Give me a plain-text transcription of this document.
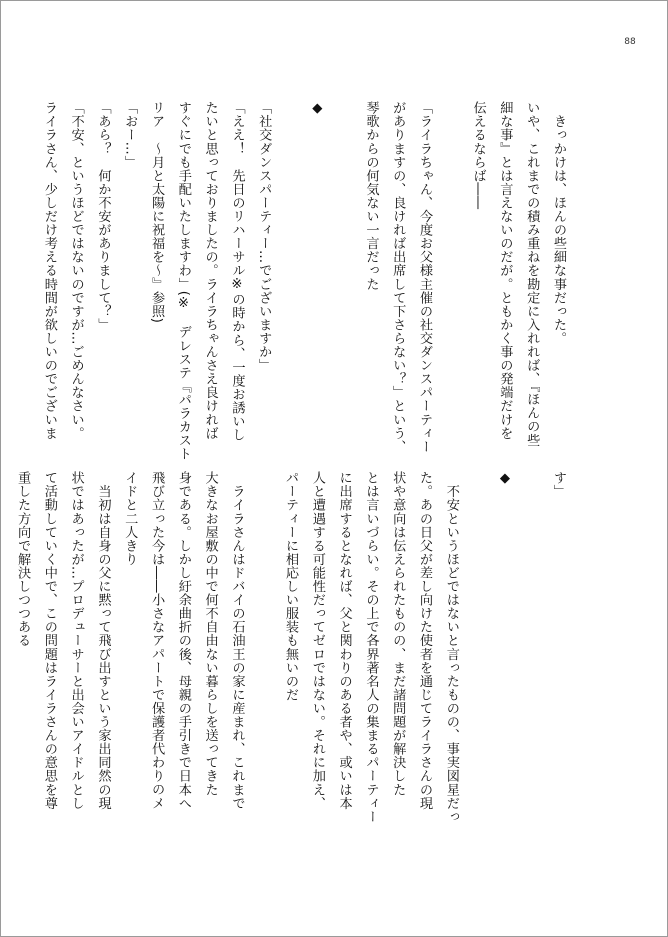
88
　きっかけは、ほんの些細な事だった。
いや、これまでの積み重ねを勘定に入れれば、『ほんの些
細な事』とは言えないのだが。ともかく事の発端だけを
伝えるならば――

「ライラちゃん、今度お父様主催の社交ダンスパーティー
がありますの、良ければ出席して下さらない？」という、
琴歌からの何気ない一言だった

◆

「社交ダンスパーティー…でございますか」
「ええ！　先日のリハーサル※の時から、一度お誘いし
たいと思っておりましたの。ライラちゃんさえ良ければ
すぐにでも手配いたしますわ」(※　デレステ『パラカスト
リア　～月と太陽に祝福を～』参照)
「おー…」
「あら？　何か不安がありまして？」
「不安、というほどではないのですが…ごめんなさい。
ライラさん、少しだけ考える時間が欲しいのでございま
す」

◆

　不安というほどではないと言ったものの、事実図星だっ
た。あの日父が差し向けた使者を通じてライラさんの現
状や意向は伝えられたものの、まだ諸問題が解決した
とは言いづらい。その上で各界著名人の集まるパーティー
に出席するとなれば、父と関わりのある者や、或いは本
人と遭遇する可能性だってゼロではない。それに加え、
パーティーに相応しい服装も無いのだ

　ライラさんはドバイの石油王の家に産まれ、これまで
大きなお屋敷の中で何不自由ない暮らしを送ってきた
身である。しかし紆余曲折の後、母親の手引きで日本へ
飛び立った今は――小さなアパートで保護者代わりのメ
イドと二人きり
　当初は自身の父に黙って飛び出すという家出同然の現
状ではあったが…プロデューサーと出会いアイドルとし
て活動していく中で、この問題はライラさんの意思を尊
重した方向で解決しつつある
